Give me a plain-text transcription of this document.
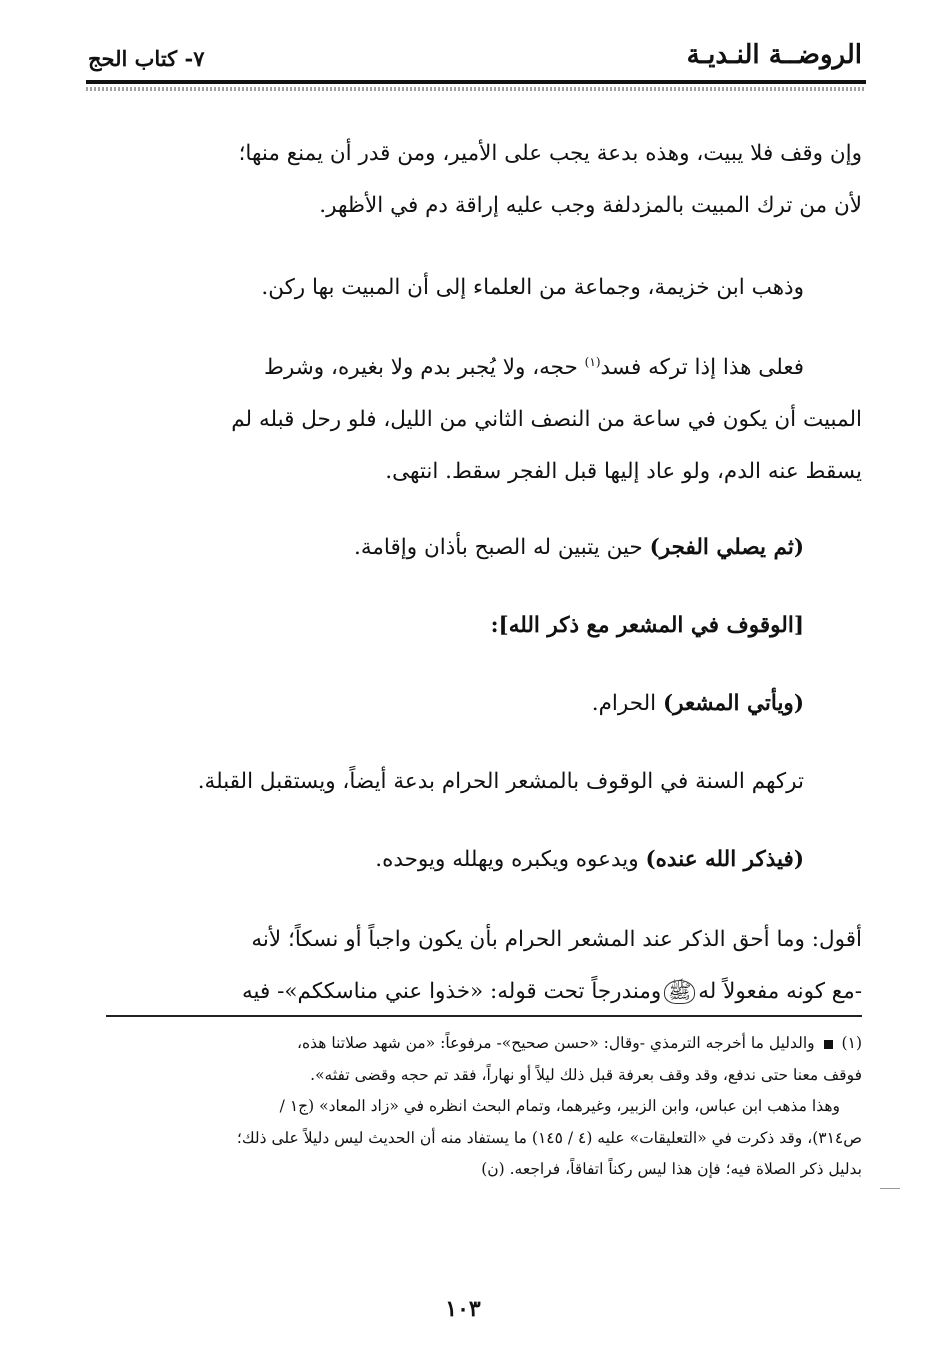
الروضــة النـديـة
٧- كتاب الحج
وإن وقف فلا يبيت، وهذه بدعة يجب على الأمير، ومن قدر أن يمنع منها؛
لأن من ترك المبيت بالمزدلفة وجب عليه إراقة دم في الأظهر.
وذهب ابن خزيمة، وجماعة من العلماء إلى أن المبيت بها ركن.
فعلى هذا إذا تركه فسد$^{(١)}$ حجه، ولا يُجبر بدم ولا بغيره، وشرط
المبيت أن يكون في ساعة من النصف الثاني من الليل، فلو رحل قبله لم
يسقط عنه الدم، ولو عاد إليها قبل الفجر سقط. انتهى.
(ثم يصلي الفجر) حين يتبين له الصبح بأذان وإقامة.
[الوقوف في المشعر مع ذكر الله]:
(ويأتي المشعر) الحرام.
تركهم السنة في الوقوف بالمشعر الحرام بدعة أيضاً، ويستقبل القبلة.
(فيذكر الله عنده) ويدعوه ويكبره ويهلله ويوحده.
أقول: وما أحق الذكر عند المشعر الحرام بأن يكون واجباً أو نسكاً؛ لأنه
-مع كونه مفعولاً لهﷺومندرجاً تحت قوله: «خذوا عني مناسككم»- فيه
(١)  والدليل ما أخرجه الترمذي -وقال: «حسن صحيح»- مرفوعاً: «من شهد صلاتنا هذه،
فوقف معنا حتى ندفع، وقد وقف بعرفة قبل ذلك ليلاً أو نهاراً، فقد تم حجه وقضى تفثه».
وهذا مذهب ابن عباس، وابن الزبير، وغيرهما، وتمام البحث انظره في «زاد المعاد» (ج١ /
ص٣١٤)، وقد ذكرت في «التعليقات» عليه (٤ / ١٤٥) ما يستفاد منه أن الحديث ليس دليلاً على ذلك؛
بدليل ذكر الصلاة فيه؛ فإن هذا ليس ركناً اتفاقاً، فراجعه. (ن)
١٠٣
